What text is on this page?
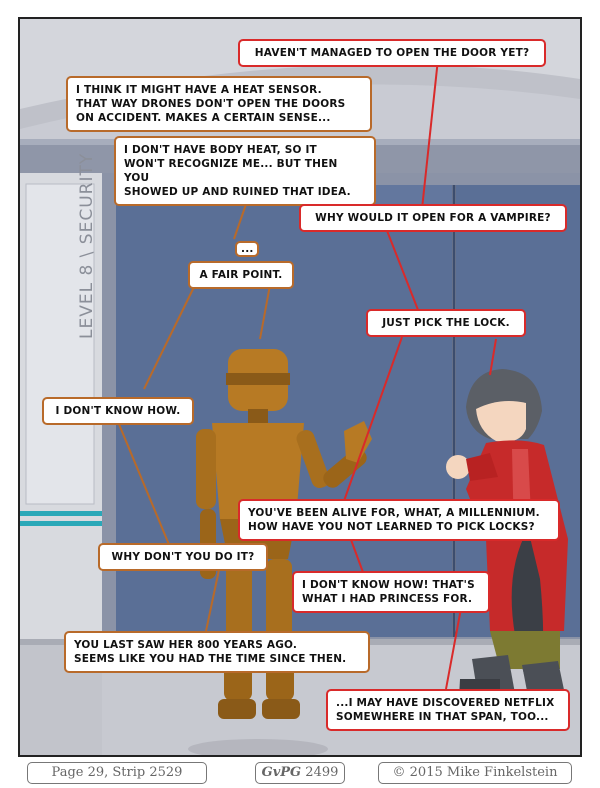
LEVEL 8 \ SECURITY
HAVEN'T MANAGED TO OPEN THE DOOR YET?
I THINK IT MIGHT HAVE A HEAT SENSOR.
THAT WAY DRONES DON'T OPEN THE DOORS
ON ACCIDENT. MAKES A CERTAIN SENSE...
I DON'T HAVE BODY HEAT, SO IT
WON'T RECOGNIZE ME... BUT THEN YOU
SHOWED UP AND RUINED THAT IDEA.
WHY WOULD IT OPEN FOR A VAMPIRE?
...
A FAIR POINT.
JUST PICK THE LOCK.
I DON'T KNOW HOW.
YOU'VE BEEN ALIVE FOR, WHAT, A MILLENNIUM.
HOW HAVE YOU NOT LEARNED TO PICK LOCKS?
WHY DON'T YOU DO IT?
I DON'T KNOW HOW! THAT'S
WHAT I HAD PRINCESS FOR.
YOU LAST SAW HER 800 YEARS AGO.
SEEMS LIKE YOU HAD THE TIME SINCE THEN.
...I MAY HAVE DISCOVERED NETFLIX
SOMEWHERE IN THAT SPAN, TOO...
Page 29, Strip 2529	GvPG 2499	© 2015 Mike Finkelstein
